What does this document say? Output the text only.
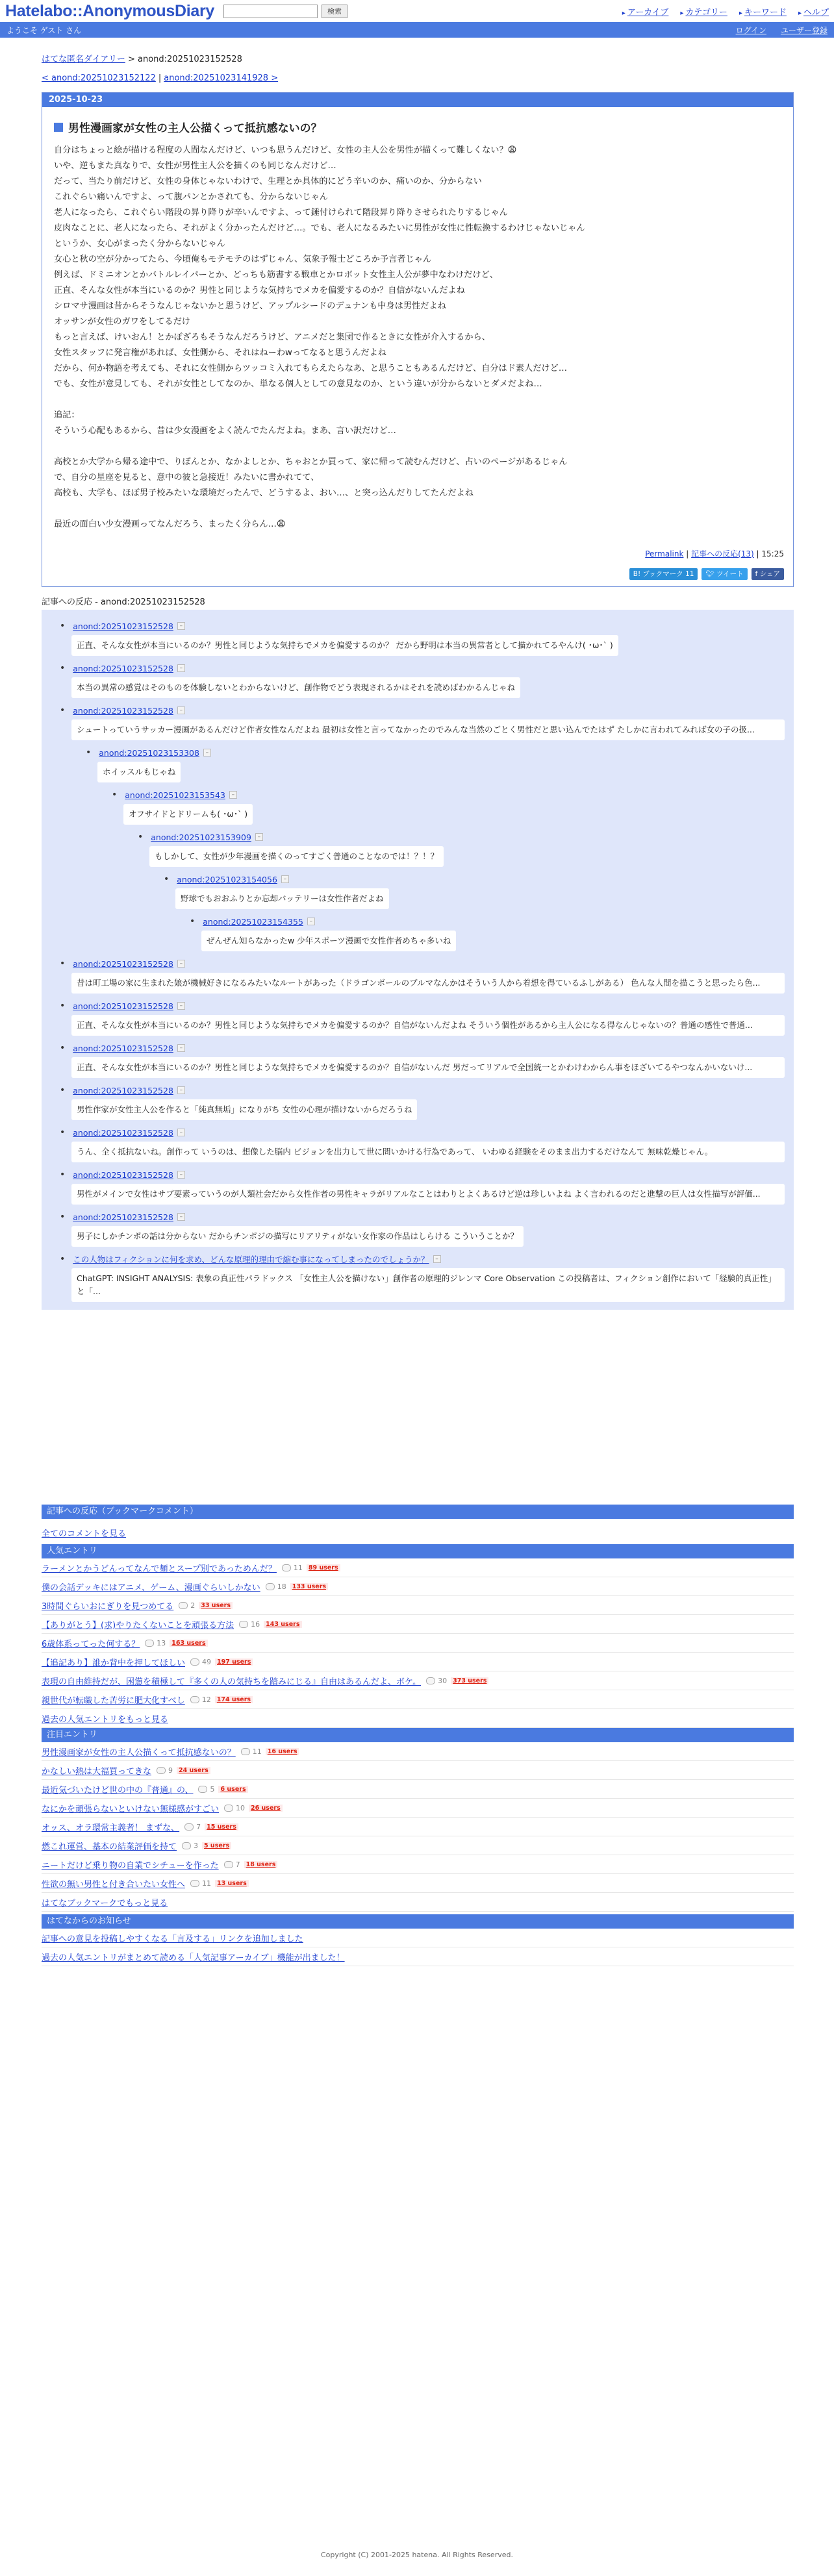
Hatelabo::AnonymousDiary	検索	▸ アーカイブ	▸ カテゴリー	▸ キーワード	▸ ヘルプ
ようこそ ゲスト さん	ログイン ユーザー登録
はてな匿名ダイアリー > anond:20251023152528
< anond:20251023152122 | anond:20251023141928 >
2025-10-23
男性漫画家が女性の主人公描くって抵抗感ないの？

自分はちょっと絵が描ける程度の人間なんだけど、いつも思うんだけど、女性の主人公を男性が描くって難しくない？😩

いや、逆もまた真なりで、女性が男性主人公を描くのも同じなんだけど…

だって、当たり前だけど、女性の身体じゃないわけで、生理とか具体的にどう辛いのか、痛いのか、分からない

これぐらい痛いんですよ、って腹パンとかされても、分からないじゃん

老人になったら、これぐらい階段の昇り降りが辛いんですよ、って錘付けられて階段昇り降りさせられたりするじゃん

皮肉なことに、老人になったら、それがよく分かったんだけど…。でも、老人になるみたいに男性が女性に性転換するわけじゃないじゃん

というか、女心がまったく分からないじゃん

女心と秋の空が分かってたら、今頃俺もモテモテのはずじゃん、気象予報士どころか予言者じゃん

例えば、ドミニオンとかバトルレイパーとか、どっちも筋書する戦車とかロボット女性主人公が夢中なわけだけど、

正直、そんな女性が本当にいるのか？男性と同じような気持ちでメカを偏愛するのか？自信がないんだよね

シロマサ漫画は昔からそうなんじゃないかと思うけど、アップルシードのデュナンも中身は男性だよね

オッサンが女性のガワをしてるだけ

もっと言えば、けいおん！とかぼざろもそうなんだろうけど、アニメだと集団で作るときに女性が介入するから、

女性スタッフに発言権があれば、女性側から、それはねーわwってなると思うんだよね

だから、何か物語を考えても、それに女性側からツッコミ入れてもらえたらなあ、と思うこともあるんだけど、自分はド素人だけど…

でも、女性が意見しても、それが女性としてなのか、単なる個人としての意見なのか、という違いが分からないとダメだよね…

追記：

そういう心配もあるから、昔は少女漫画をよく読んでたんだよね。まあ、言い訳だけど…

高校とか大学から帰る途中で、りぼんとか、なかよしとか、ちゃおとか買って、家に帰って読むんだけど、占いのページがあるじゃん

で、自分の星座を見ると、意中の彼と急接近！みたいに書かれてて、

高校も、大学も、ほぼ男子校みたいな環境だったんで、どうするよ、おい…、と突っ込んだりしてたんだよね

最近の面白い少女漫画ってなんだろう、まったく分らん…😩

Permalink | 記事への反応(13) | 15:25
B! ブックマーク 11	🐦︎ ツイート	f シェア
記事への反応 - anond:20251023152528
• anond:20251023152528	–
正直、そんな女性が本当にいるのか？男性と同じような気持ちでメカを偏愛するのか？ だから野明は本当の異常者として描かれてるやんけ( ･ω･` )
• anond:20251023152528	–
本当の異常の感覚はそのものを体験しないとわからないけど、創作物でどう表現されるかはそれを読めばわかるんじゃね
• anond:20251023152528	–
シュートっていうサッカー漫画があるんだけど作者女性なんだよね 最初は女性と言ってなかったのでみんな当然のごとく男性だと思い込んでたはず たしかに言われてみれば女の子の扱...
• anond:20251023153308	–
ホイッスルもじゃね
• anond:20251023153543	–
オフサイドとドリームも( ･ω･` )
• anond:20251023153909	–
もしかして、女性が少年漫画を描くのってすごく普通のことなのでは！？！？
• anond:20251023154056	–
野球でもおおふりとか忘却バッテリーは女性作者だよね
• anond:20251023154355	–
ぜんぜん知らなかったw 少年スポーツ漫画で女性作者めちゃ多いね
• anond:20251023152528	–
昔は町工場の家に生まれた娘が機械好きになるみたいなルートがあった（ドラゴンボールのブルマなんかはそういう人から着想を得ているふしがある） 色んな人間を描こうと思ったら色...
• anond:20251023152528	–
正直、そんな女性が本当にいるのか？男性と同じような気持ちでメカを偏愛するのか？自信がないんだよね そういう個性があるから主人公になる得なんじゃないの？普通の感性で普通...
• anond:20251023152528	–
正直、そんな女性が本当にいるのか？男性と同じような気持ちでメカを偏愛するのか？自信がないんだ 男だってリアルで全国統一とかわけわからん事をほざいてるやつなんかいないけ...
• anond:20251023152528	–
男性作家が女性主人公を作ると「純真無垢」になりがち 女性の心理が描けないからだろうね
• anond:20251023152528	–
うん、全く抵抗ないね。創作って いうのは、想像した脳内 ビジョンを出力して世に問いかける行為であって、 いわゆる経験をそのまま出力するだけなんて 無味乾燥じゃん。
• anond:20251023152528	–
男性がメインで女性はサブ要素っていうのが人類社会だから女性作者の男性キャラがリアルなことはわりとよくあるけど逆は珍しいよね よく言われるのだと進撃の巨人は女性描写が評価...
• anond:20251023152528	–
男子にしかチンポの話は分からない だからチンポジの描写にリアリティがない女作家の作品はしらける こういうことか？
• この人物はフィクションに何を求め、どんな原理的理由で縮む事になってしまったのでしょうか？	–
ChatGPT: INSIGHT ANALYSIS: 表象の真正性パラドックス 「女性主人公を描けない」創作者の原理的ジレンマ Core Observation この投稿者は、フィクション創作において「経験的真正性」と「...
記事への反応（ブックマークコメント）
全てのコメントを見る
人気エントリ
ラーメンとかうどんってなんで麺とスープ別であっためんだ？ 11 89 users
僕の会話デッキにはアニメ、ゲーム、漫画ぐらいしかない 18 133 users
3時間ぐらいおにぎりを見つめてる 2 33 users
【ありがとう】(求)やりたくないことを頑張る方法 16 143 users
6歳体系ってった何する？ 13 163 users
【追記あり】誰か背中を押してほしい 49 197 users
表現の自由維持だが、困憊を積極して『多くの人の気持ちを踏みにじる』自由はあるんだよ、ボケ。 30 373 users
親世代が転職した苦労に肥大化すべし 12 174 users
過去の人気エントリをもっと見る
注目エントリ
男性漫画家が女性の主人公描くって抵抗感ないの？ 11 16 users
かなしい熱は大福買ってきな 9 24 users
最近気づいたけど世の中の『普通』の、 5 6 users
なにかを頑張らないといけない無様感がすごい 10 26 users
オッス、オラ環常主義者！ まずな、 7 15 users
燃これ運営、基本の結業評価を持て 3 5 users
ニートだけど乗り物の自業でシチューを作った 7 18 users
性欲の無い男性と付き合いたい女性へ 11 13 users
はてなブックマークでもっと見る
はてなからのお知らせ
記事への意見を投稿しやすくなる「言及する」リンクを追加しました
過去の人気エントリがまとめて読める「人気記事アーカイブ」機能が出ました！
Copyright (C) 2001-2025 hatena. All Rights Reserved.
